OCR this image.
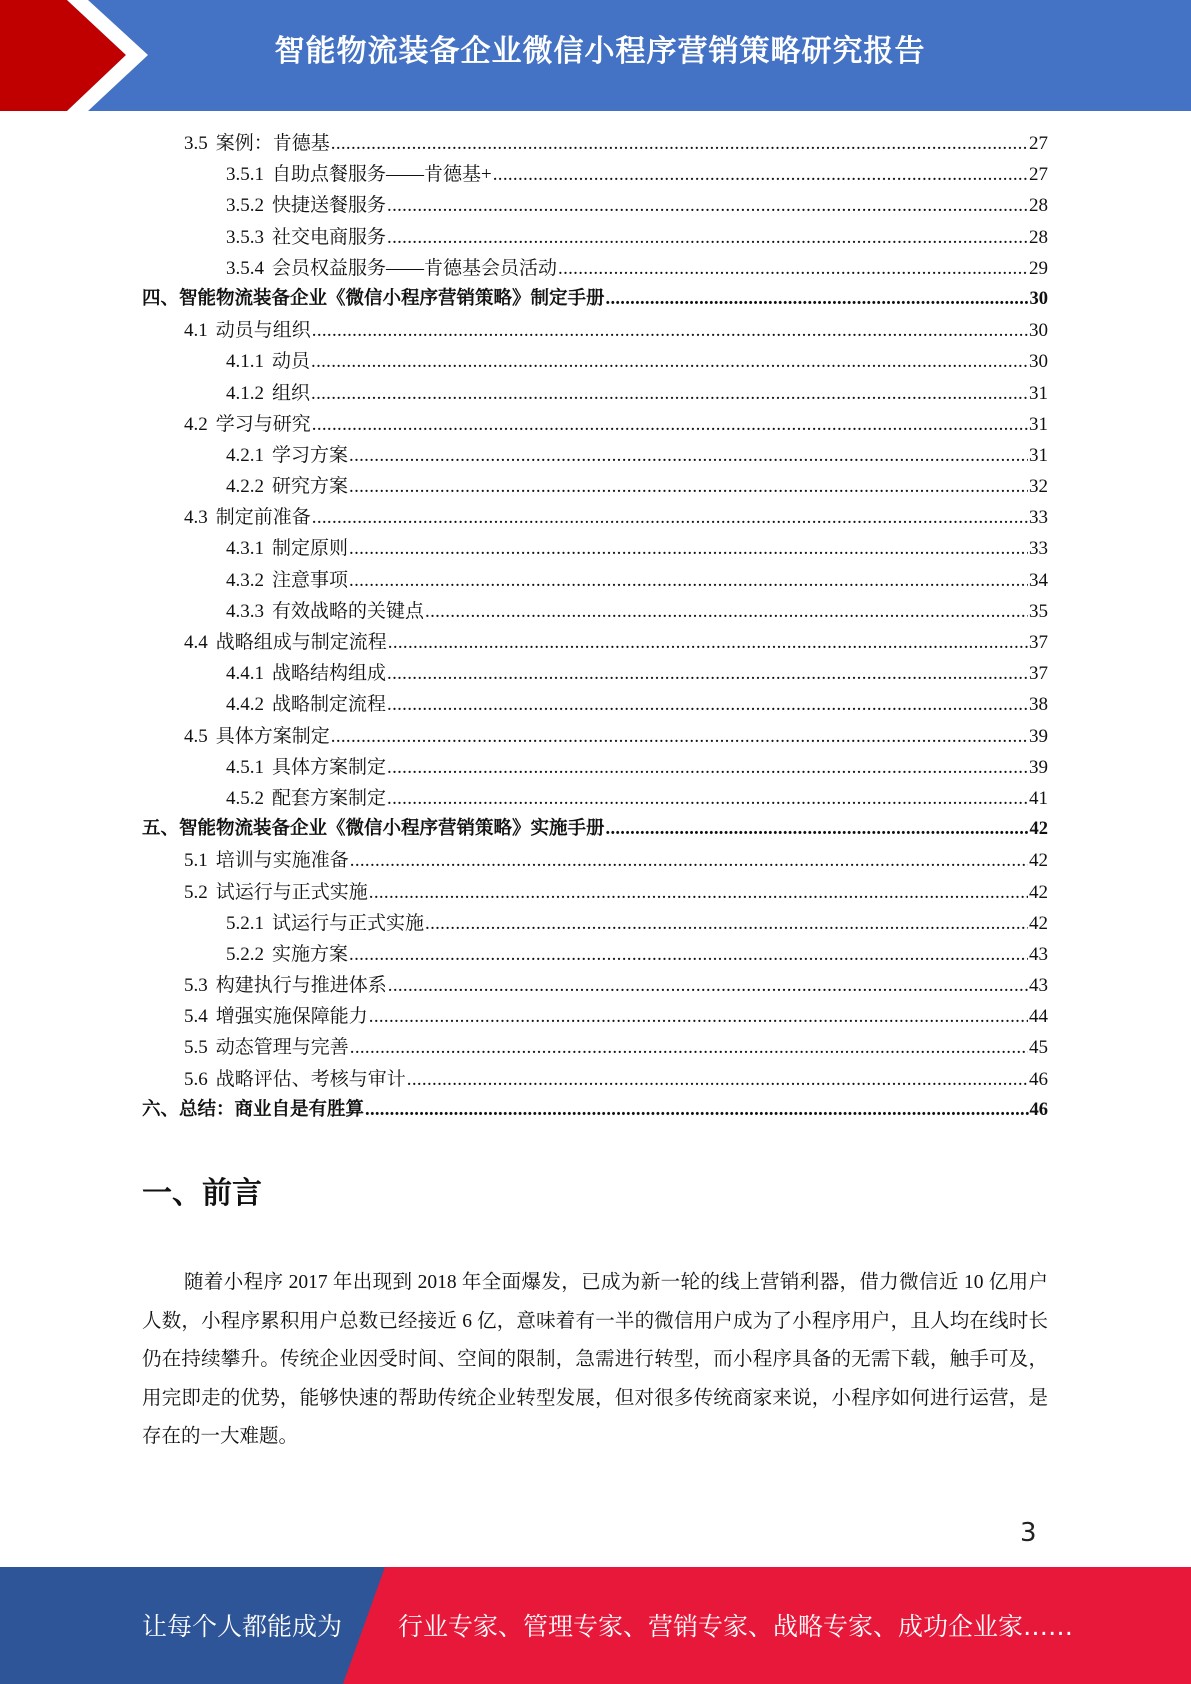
智能物流装备企业微信小程序营销策略研究报告
3.5 案例：肯德基 .....	27
3.5.1 自助点餐服务——肯德基+ .....	27
3.5.2 快捷送餐服务 .....	28
3.5.3 社交电商服务 .....	28
3.5.4 会员权益服务——肯德基会员活动 .....	29
四、智能物流装备企业《微信小程序营销策略》制定手册 .....	30
4.1 动员与组织 .....	30
4.1.1 动员 .....	30
4.1.2 组织 .....	31
4.2 学习与研究 .....	31
4.2.1 学习方案 .....	31
4.2.2 研究方案 .....	32
4.3 制定前准备 .....	33
4.3.1 制定原则 .....	33
4.3.2 注意事项 .....	34
4.3.3 有效战略的关键点 .....	35
4.4 战略组成与制定流程 .....	37
4.4.1 战略结构组成 .....	37
4.4.2 战略制定流程 .....	38
4.5 具体方案制定 .....	39
4.5.1 具体方案制定 .....	39
4.5.2 配套方案制定 .....	41
五、智能物流装备企业《微信小程序营销策略》实施手册 .....	42
5.1 培训与实施准备 .....	42
5.2 试运行与正式实施 .....	42
5.2.1 试运行与正式实施 .....	42
5.2.2 实施方案 .....	43
5.3 构建执行与推进体系 .....	43
5.4 增强实施保障能力 .....	44
5.5 动态管理与完善 .....	45
5.6 战略评估、考核与审计 .....	46
六、总结：商业自是有胜算 .....	46
一、前言
随着小程序 2017 年出现到 2018 年全面爆发，已成为新一轮的线上营销利器，借力微信近 10 亿用户人数，小程序累积用户总数已经接近 6 亿，意味着有一半的微信用户成为了小程序用户，且人均在线时长仍在持续攀升。传统企业因受时间、空间的限制，急需进行转型，而小程序具备的无需下载，触手可及，用完即走的优势，能够快速的帮助传统企业转型发展，但对很多传统商家来说，小程序如何进行运营，是存在的一大难题。
3
让每个人都能成为 行业专家、管理专家、营销专家、战略专家、成功企业家……
